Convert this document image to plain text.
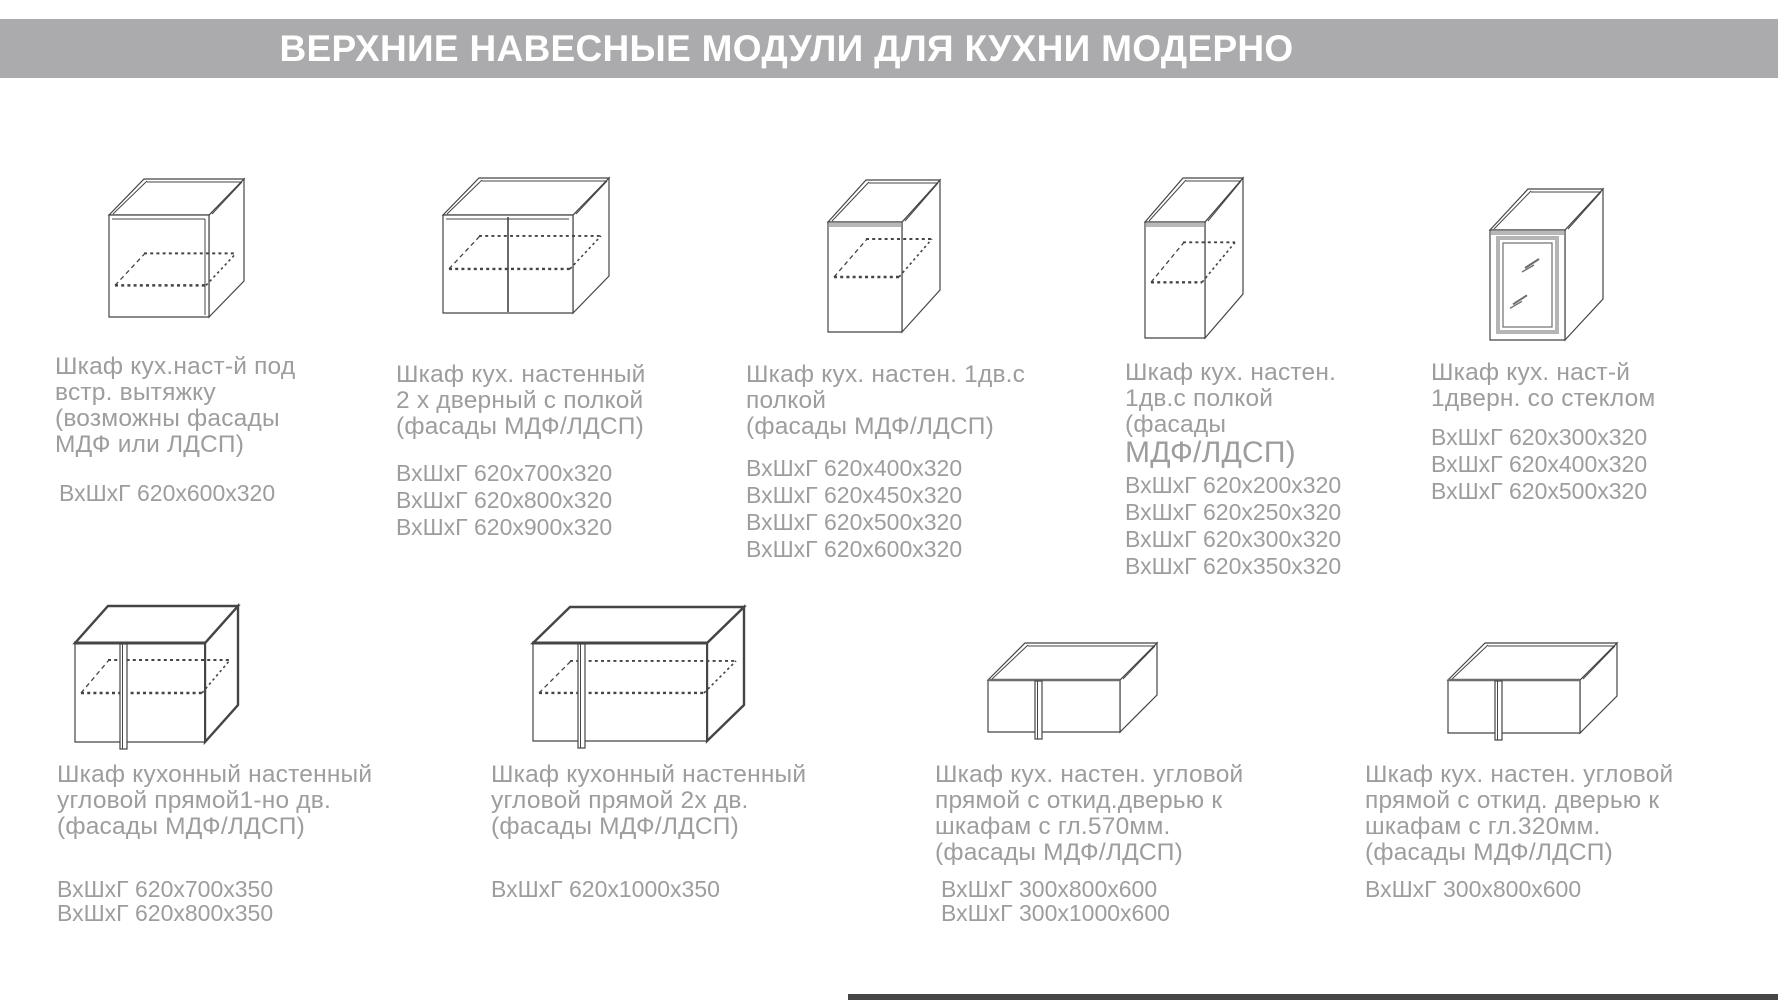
ВЕРХНИЕ НАВЕСНЫЕ МОДУЛИ ДЛЯ КУХНИ МОДЕРНО
Шкаф кух.наст-й под
встр. вытяжку
(возможны фасады
МДФ или ЛДСП)
ВхШхГ 620х600х320
Шкаф кух. настенный
2 х дверный с полкой
(фасады МДФ/ЛДСП)
ВхШхГ 620х700х320
ВхШхГ 620х800х320
ВхШхГ 620х900х320
Шкаф кух. настен. 1дв.с
полкой
(фасады МДФ/ЛДСП)
ВхШхГ 620х400х320
ВхШхГ 620х450х320
ВхШхГ 620х500х320
ВхШхГ 620х600х320
Шкаф кух. настен.
1дв.с полкой
(фасады
МДФ/ЛДСП)
ВхШхГ 620х200х320
ВхШхГ 620х250х320
ВхШхГ 620х300х320
ВхШхГ 620х350х320
Шкаф кух. наст-й
1дверн. со стеклом
ВхШхГ 620х300х320
ВхШхГ 620х400х320
ВхШхГ 620х500х320
Шкаф кухонный настенный
угловой прямой1-но дв.
(фасады МДФ/ЛДСП)
ВхШхГ 620х700х350
ВхШхГ 620х800х350
Шкаф кухонный настенный
угловой прямой 2х дв.
(фасады МДФ/ЛДСП)
ВхШхГ 620х1000х350
Шкаф кух. настен. угловой
прямой с откид.дверью к
шкафам с гл.570мм.
(фасады МДФ/ЛДСП)
ВхШхГ 300х800х600
ВхШхГ 300х1000х600
Шкаф кух. настен. угловой
прямой с откид. дверью к
шкафам с гл.320мм.
(фасады МДФ/ЛДСП)
ВхШхГ 300х800х600
